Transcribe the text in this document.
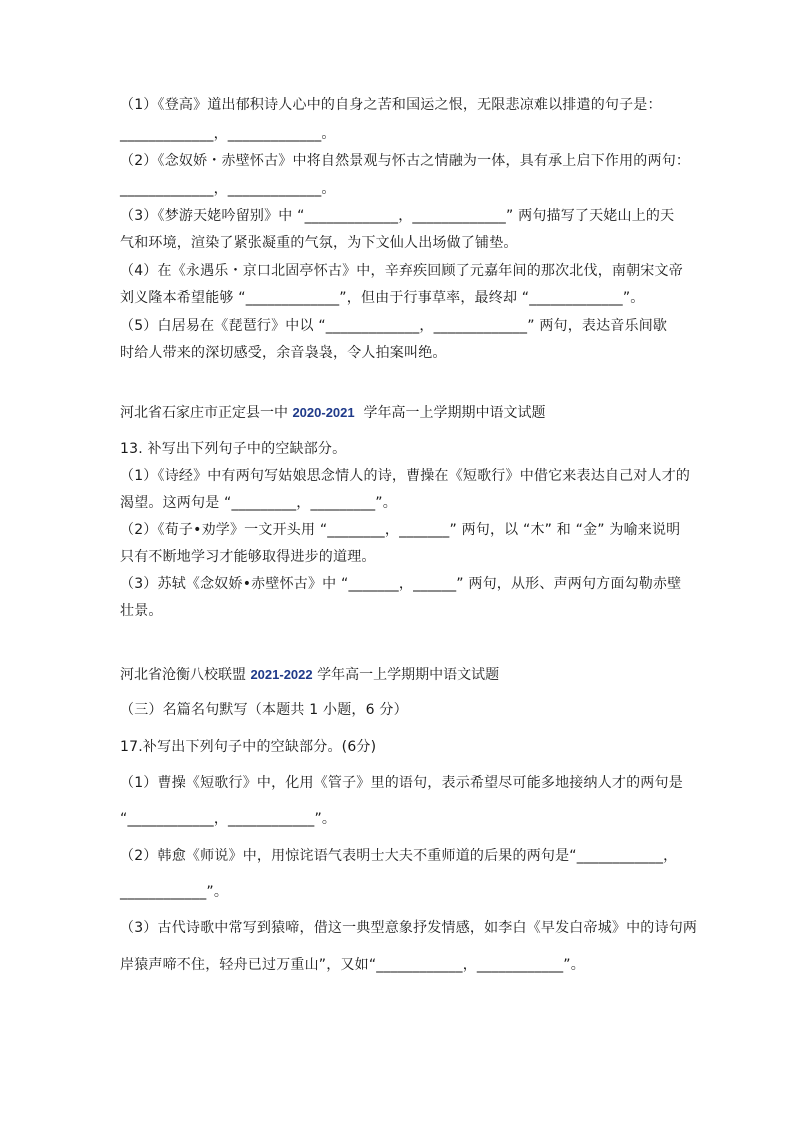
（1）《登高》道出郁积诗人心中的自身之苦和国运之恨，无限悲凉难以排遣的句子是：
_____________，_____________。
（2）《念奴娇・赤壁怀古》中将自然景观与怀古之情融为一体，具有承上启下作用的两句：
_____________，_____________。
（3）《梦游天姥吟留别》中 “_____________，_____________” 两句描写了天姥山上的天
气和环境，渲染了紧张凝重的气氛，为下文仙人出场做了铺垫。
（4）在《永遇乐・京口北固亭怀古》中，辛弃疾回顾了元嘉年间的那次北伐，南朝宋文帝
刘义隆本希望能够 “_____________”，但由于行事草率，最终却 “_____________”。
（5）白居易在《琵琶行》中以 “_____________，_____________” 两句，表达音乐间歇
时给人带来的深切感受，余音袅袅，令人拍案叫绝。
河北省石家庄市正定县一中 2020-2021  学年高一上学期期中语文试题
13. 补写出下列句子中的空缺部分。
（1）《诗经》中有两句写姑娘思念情人的诗，曹操在《短歌行》中借它来表达自己对人才的
渴望。这两句是 “_________，_________”。
（2）《荀子•劝学》一文开头用 “________，_______” 两句，以 “木” 和 “金” 为喻来说明
只有不断地学习才能够取得进步的道理。
（3）苏轼《念奴娇•赤壁怀古》中 “_______，______” 两句，从形、声两句方面勾勒赤壁
壮景。
河北省沧衡八校联盟 2021-2022 学年高一上学期期中语文试题
（三）名篇名句默写（本题共 1 小题，6 分）
17.补写出下列句子中的空缺部分。(6分)
（1）曹操《短歌行》中，化用《管子》里的语句，表示希望尽可能多地接纳人才的两句是
“____________，____________”。
（2）韩愈《师说》中，用惊诧语气表明士大夫不重师道的后果的两句是“____________，
____________”。
（3）古代诗歌中常写到猿啼，借这一典型意象抒发情感，如李白《早发白帝城》中的诗句两
岸猿声啼不住，轻舟已过万重山”，又如“____________，____________”。
